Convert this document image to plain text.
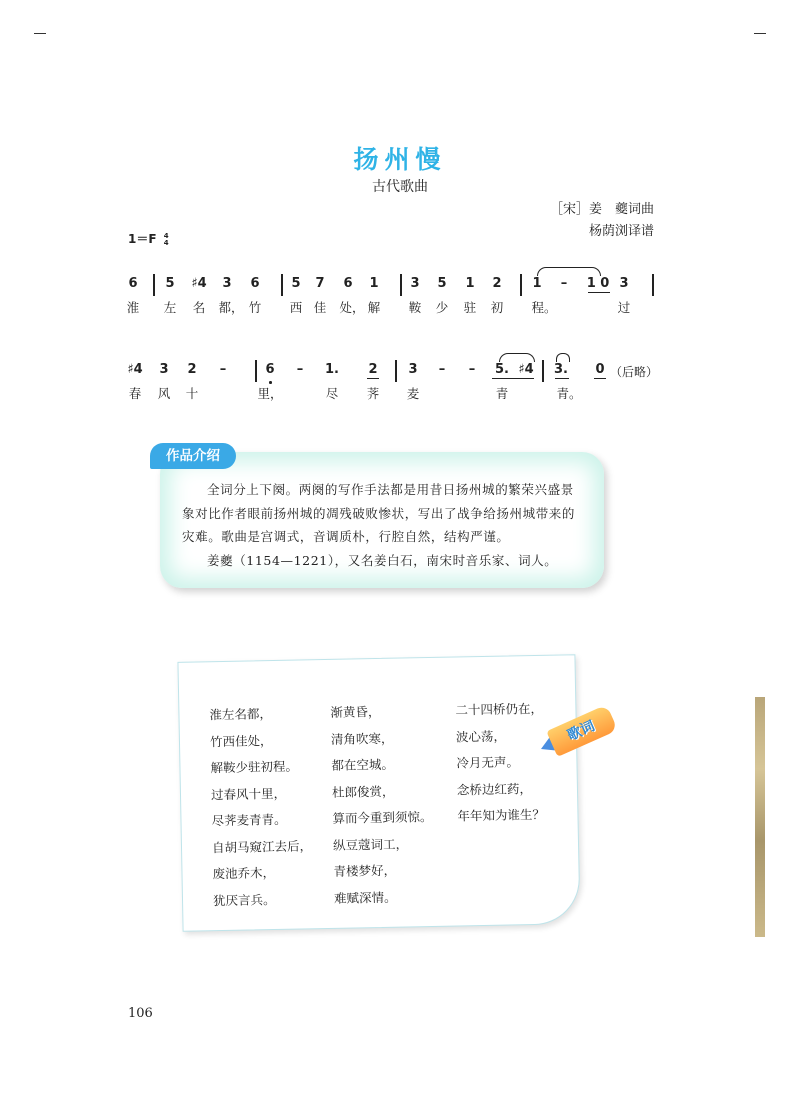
扬州慢
古代歌曲
［宋］姜　夔词曲
杨荫浏译谱
1＝F 4
4
6 5 ♯4 3 6 5 7 6 1 3 5 1 2 1 – 1 0 3
淮 左 名 都， 竹 西 佳 处， 解 鞍 少 驻 初 程。	过
♯4 3 2 –	6 – 1. 2 3 – – 5. ♯4 3. 0 （后略）
春 风 十	里，	尽 荠 麦	青	青。
作品介绍

全词分上下阕。两阕的写作手法都是用昔日扬州城的繁荣兴盛景象对比作者眼前扬州城的凋残破败惨状，写出了战争给扬州城带来的灾难。歌曲是宫调式，音调质朴，行腔自然，结构严谨。

姜夔（1154—1221），又名姜白石，南宋时音乐家、词人。

淮左名都，
竹西佳处，
解鞍少驻初程。
过春风十里，
尽荠麦青青。
自胡马窥江去后，
废池乔木，
犹厌言兵。
渐黄昏，
清角吹寒，
都在空城。
杜郎俊赏，
算而今重到须惊。
纵豆蔻词工，
青楼梦好，
难赋深情。
二十四桥仍在，
波心荡，
冷月无声。
念桥边红药，
年年知为谁生？
歌词
106
